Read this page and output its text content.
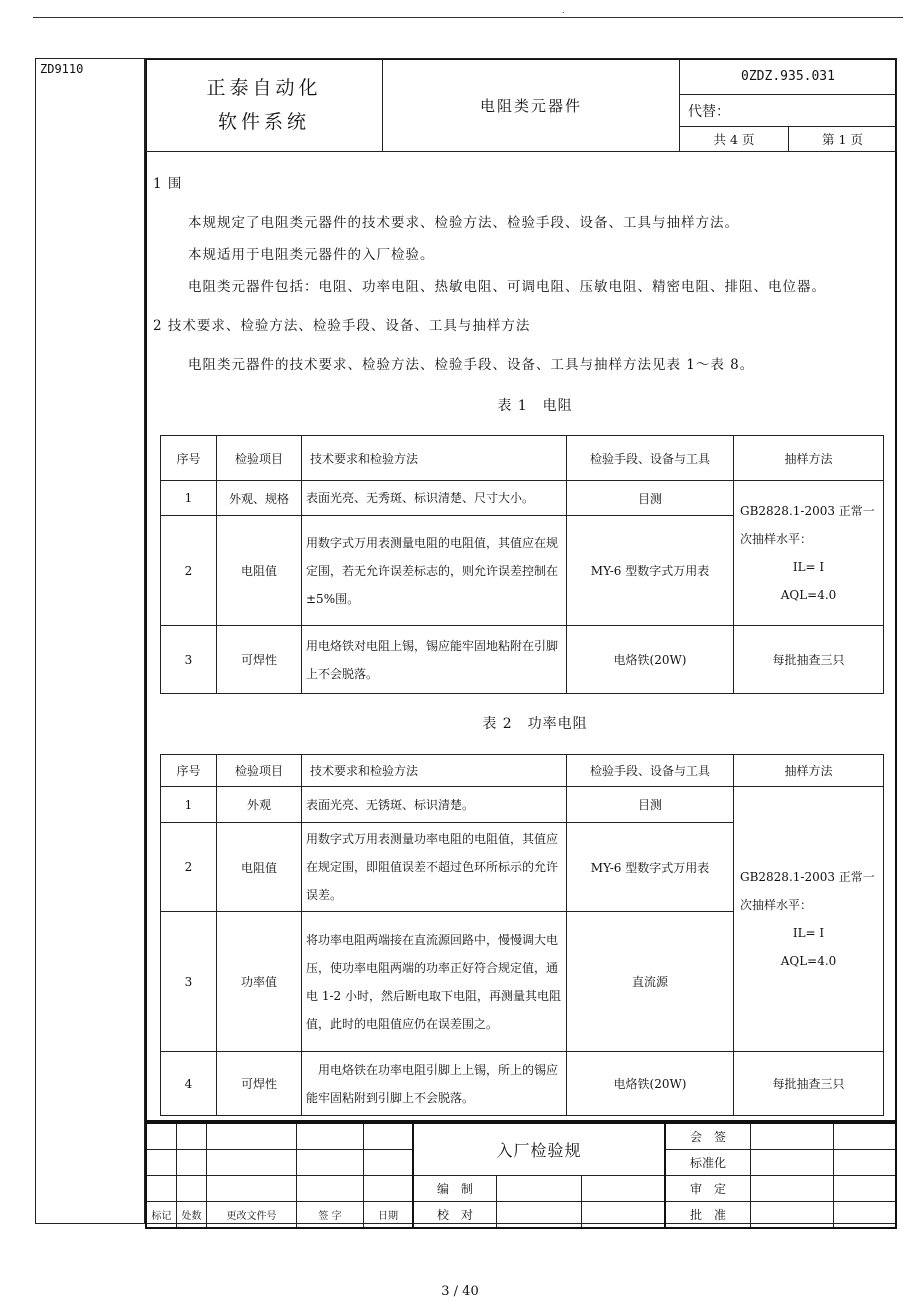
.
ZD9110
正泰自动化
软件系统	电阻类元器件	0ZDZ.935.031	
		代替：	
		共 4 页	第 1 页
1 围
本规规定了电阻类元器件的技术要求、检验方法、检验手段、设备、工具与抽样方法。
本规适用于电阻类元器件的入厂检验。
电阻类元器件包括：电阻、功率电阻、热敏电阻、可调电阻、压敏电阻、精密电阻、排阻、电位器。
2 技术要求、检验方法、检验手段、设备、工具与抽样方法
电阻类元器件的技术要求、检验方法、检验手段、设备、工具与抽样方法见表 1～表 8。
表 1　电阻
序号	检验项目	技术要求和检验方法	检验手段、设备与工具	抽样方法
1	外观、规格	表面光亮、无秀斑、标识清楚、尺寸大小。	目测	GB2828.1-2003 正常一
次抽样水平：
IL= I
AQL=4.0

2	电阻值	用数字式万用表测量电阻的电阻值，其值应在规定围，若无允许误差标志的，则允许误差控制在±5%围。	MY-6 型数字式万用表	
3	可焊性	用电烙铁对电阻上锡，锡应能牢固地粘附在引脚上不会脱落。	电烙铁(20W)	每批抽查三只
表 2　功率电阻
序号	检验项目	技术要求和检验方法	检验手段、设备与工具	抽样方法
1	外观	表面光亮、无锈斑、标识清楚。	目测	GB2828.1-2003 正常一
次抽样水平：
IL= I
AQL=4.0

2	电阻值	用数字式万用表测量功率电阻的电阻值，其值应在规定围，即阻值误差不超过色环所标示的允许误差。	MY-6 型数字式万用表	
3	功率值	将功率电阻两端接在直流源回路中，慢慢调大电压，使功率电阻两端的功率正好符合规定值，通电 1-2 小时，然后断电取下电阻，再测量其电阻值，此时的电阻值应仍在误差围之。	直流源	
4	可焊性	　用电烙铁在功率电阻引脚上上锡，所上的锡应能牢固粘附到引脚上不会脱落。	电烙铁(20W)	每批抽查三只
					入厂检验规			会　签		
								标准化		
					编　制			审　定		
标记	处数	更改文件号	签 字	日期	校　对			批　准		
3 / 40
